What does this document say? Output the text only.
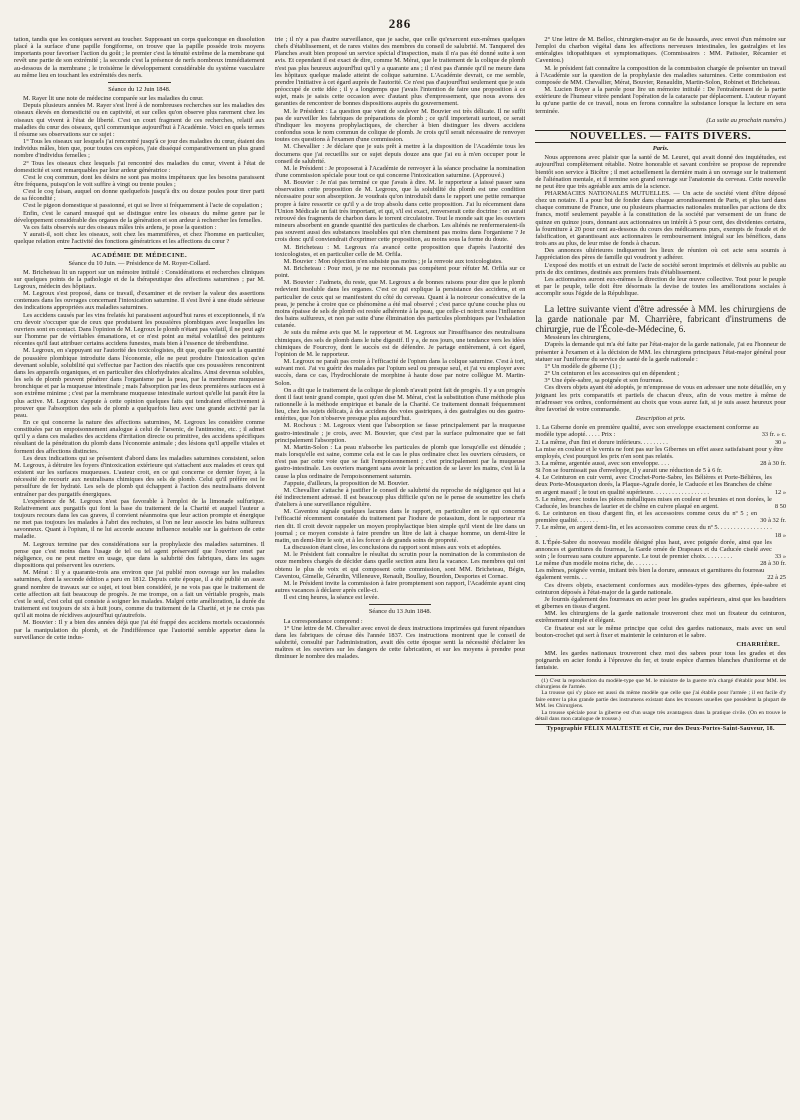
286

tation, tandis que les coniques servent au toucher. Supposant un corps quelconque en dissolution placé à la surface d'une papille fongiforme, on trouve que la papille possède trois moyens importants pour favoriser l'action du goût ; le premier c'est la ténuité extrême de la membrane qui revêt une partie de son extrémité ; la seconde c'est la présence de nerfs nombreux immédiatement au-dessous de la membrane ; le troisième le développement considérable du système vasculaire au même lieu en touchant les extrémités des nerfs.

Séance du 12 Juin 1848.

M. Rayer lit une note de médecine comparée sur les maladies du cœur.

Depuis plusieurs années M. Rayer s'est livré à de nombreuses recherches sur les maladies des oiseaux élevés en domesticité ou en captivité, et sur celles qu'on observe plus rarement chez les oiseaux qui vivent à l'état de liberté. C'est un court fragment de ces recherches, relatif aux maladies du cœur des oiseaux, qu'il communique aujourd'hui à l'Académie. Voici en quels termes il résume ses observations sur ce sujet :

1° Tous les oiseaux sur lesquels j'ai rencontré jusqu'à ce jour des maladies du cœur, étaient des individus mâles, bien que, pour toutes ces espèces, j'aie disséqué comparativement un plus grand nombre d'individus femelles ;

2° Tous les oiseaux chez lesquels j'ai rencontré des maladies du cœur, vivent à l'état de domesticité et sont remarquables par leur ardeur génératrice :

C'est le coq commun, dont les désirs ne sont pas moins impétueux que les besoins paraissent être fréquens, puisqu'on le voit suffire à vingt ou trente poules ;

C'est le coq faisan, auquel on donne quelquefois jusqu'à dix ou douze poules pour tirer parti de sa fécondité ;

C'est le pigeon domestique si passionné, et qui se livre si fréquemment à l'acte de copulation ;

Enfin, c'est le canard musqué qui se distingue entre les oiseaux du même genre par le développement considérable des organes de la génération et son ardeur à rechercher les femelles.

Va ces faits observés sur des oiseaux mâles très ardens, je pose la question :

Y aurait-il, soit chez les oiseaux, soit chez les mammifères, et chez l'homme en particulier, quelque relation entre l'activité des fonctions génératrices et les affections du cœur ?

ACADÉMIE DE MÉDECINE.
Séance du 10 Juin. — Présidence de M. Royer-Collard.

M. Bricheteau lit un rapport sur un mémoire intitulé : Considérations et recherches cliniques sur quelques points de la pathologie et de la thérapeutique des affections saturnines ; par M. Legroux, médecin des hôpitaux.

M. Legroux s'est proposé, dans ce travail, d'examiner et de reviser la valeur des assertions contenues dans les ouvrages concernant l'intoxication saturnine. Il s'est livré à une étude sérieuse des indications appropriées aux maladies saturnines.

Les accidens causés par les vins frelatés lui paraissent aujourd'hui rares et exceptionnels, il n'a cru devoir s'occuper que de ceux que produisent les poussières plombiques avec lesquelles les ouvriers sont en contact. Dans l'opinion de M. Legroux le plomb n'étant pas volatil, il ne peut agir sur l'homme par de véritables émanations, et ce n'est point au métal volatilisé des peintures récentes qu'il faut attribuer certains accidens funestes, mais bien à l'essence de térébenthine.

M. Legroux, en s'appuyant sur l'autorité des toxicologistes, dit que, quelle que soit la quantité de poussière plombique introduite dans l'économie, elle ne peut produire l'intoxication qu'en devenant soluble, solubilité qui s'effectue par l'action des réactifs que ces poussières rencontrent dans les appareils organiques, et en particulier des chlorhydrates alcalins. Ainsi devenus solubles, les sels de plomb peuvent pénétrer dans l'organisme par la peau, par la membrane muqueuse bronchique et par la muqueuse intestinale ; mais l'absorption par les deux premières surfaces est à son extrême minime ; c'est par la membrane muqueuse intestinale surtout qu'elle lui paraît être la plus active. M. Legroux s'appuie à cette opinion quelques faits qui tendraient effectivement à prouver que l'absorption des sels de plomb a quelquefois lieu avec une grande activité par la peau.

En ce qui concerne la nature des affections saturnines, M. Legroux les considère comme constituées par un empoisonnement analogue à celui de l'arsenic, de l'antimoine, etc. ; il admet qu'il y a dans ces maladies des accidens d'irritation directe ou primitive, des accidens spécifiques résultant de la pénétration du plomb dans l'économie animale ; des lésions qu'il appelle vitales et forment des affections distinctes.

Les deux indications qui se présentent d'abord dans les maladies saturnines consistent, selon M. Legroux, à détruire les foyers d'intoxication extérieure qui s'attachent aux malades et ceux qui existent sur les surfaces muqueuses. L'auteur croit, en ce qui concerne ce dernier foyer, à la nécessité de recourir aux neutralisans chimiques des sels de plomb. Celui qu'il préfère est le persulfure de fer hydraté. Les sels de plomb qui échappent à l'action des neutralisans doivent entraîner par des purgatifs énergiques.

L'expérience de M. Legroux n'est pas favorable à l'emploi de la limonade sulfurique. Relativement aux purgatifs qui font la base du traitement de la Charité et auquel l'auteur a toujours recours dans les cas graves, il convient néanmoins que leur action prompte et énergique ne met pas toujours les malades à l'abri des rechutes, si l'on ne leur associe les bains sulfureux savonneux. Quant à l'opium, il ne lui accorde aucune influence notable sur la guérison de cette maladie.

M. Legroux termine par des considérations sur la prophylaxie des maladies saturnines. Il pense que c'est moins dans l'usage de tel ou tel agent préservatif que l'ouvrier omet par négligence, ou ne peut mettre en usage, que dans la salubrité des fabriques, dans les sages dispositions qui préservent les ouvriers.

M. Mérat : Il y a quarante-trois ans environ que j'ai publié mon ouvrage sur les maladies saturnines, dont la seconde édition a paru en 1812. Depuis cette époque, il a été publié un assez grand nombre de travaux sur ce sujet, et tout bien considéré, je ne vois pas que le traitement de cette affection ait fait beaucoup de progrès. Je me trompe, on a fait un véritable progrès, mais c'est le seul, c'est celui qui consiste à soigner les malades. Malgré cette amélioration, la durée du traitement est toujours de six à huit jours, comme du traitement de la Charité, et je ne crois pas qu'il ait moins de récidives aujourd'hui qu'autrefois.

M. Bouvier : Il y a bien des années déjà que j'ai été frappé des accidens mortels occasionnés par la manipulation du plomb, et de l'indifférence que l'autorité semble apporter dans la surveillance de cette indus-

trie ; il n'y a pas d'autre surveillance, que je sache, que celle qu'exercent eux-mêmes quelques chefs d'établissement, et de rares visites des membres du conseil de salubrité. M. Tanquerel des Planches avait bien proposé un service spécial d'inspection, mais il n'a pas été donné suite à son avis. Et cependant il est exact de dire, comme M. Mérat, que le traitement de la colique de plomb n'est pas plus heureux aujourd'hui qu'il y a quarante ans ; il n'est pas d'année qu'il ne meure dans les hôpitaux quelque malade atteint de colique saturnine. L'Académie devrait, ce me semble, prendre l'initiative à cet égard auprès de l'autorité. Ce n'est pas d'aujourd'hui seulement que je suis préoccupé de cette idée ; il y a longtemps que j'avais l'intention de faire une proposition à ce sujet, mais je saisis cette occasion avec d'autant plus d'empressement, que nous avons des garanties de rencontrer de bonnes dispositions auprès du gouvernement.

M. le Président : La question que vient de soulever M. Bouvier est très délicate. Il ne suffit pas de surveiller les fabriques de préparations de plomb ; ce qu'il importerait surtout, ce serait d'indiquer les moyens prophylactiques, de chercher à bien distinguer les divers accidens confondus sous le nom commun de colique de plomb. Je crois qu'il serait nécessaire de renvoyer toutes ces questions à l'examen d'une commission.

M. Chevallier : Je déclare que je suis prêt à mettre à la disposition de l'Académie tous les documens que j'ai recueillis sur ce sujet depuis douze ans que j'ai eu à m'en occuper pour le conseil de salubrité.

M. le Président : Je proposerai à l'Académie de renvoyer à la séance prochaine la nomination d'une commission spéciale pour tout ce qui concerne l'intoxication saturnine. (Approuvé.)

M. Bouvier : Je n'ai pas terminé ce que j'avais à dire. M. le rapporteur a laissé passer sans observation cette proposition de M. Legroux, que la solubilité du plomb est une condition nécessaire pour son absorption. Je voudrais qu'on introduisît dans le rapport une petite remarque propre à faire ressortir ce qu'il y a de trop absolu dans cette proposition. J'ai lu récemment dans l'Union Médicale un fait très important, et qui, s'il est exact, renverserait cette doctrine : on aurait retrouvé des fragments de charbon dans le torrent circulatoire. Tout le monde sait que les ouvriers mineurs absorbent en grande quantité des particules de charbon. Les aliénés ne renfermeraient-ils pas souvent aussi des substances insolubles qui n'en cheminent pas moins dans l'organisme ? Je crois donc qu'il conviendrait d'exprimer cette proposition, au moins sous la forme du doute.

M. Bricheteau : M. Legroux n'a avancé cette proposition que d'après l'autorité des toxicologistes, et en particulier celle de M. Orfila.

M. Bouvier : Mon objection n'en subsiste pas moins ; je la renvoie aux toxicologistes.

M. Bricheteau : Pour moi, je ne me reconnais pas compétent pour réfuter M. Orfila sur ce point.

M. Bouvier : J'admets, du reste, que M. Legroux a de bonnes raisons pour dire que le plomb redevient insoluble dans les organes. C'est ce qui explique la persistance des accidens, et en particulier de ceux qui se manifestent du côté du cerveau. Quant à la noirceur consécutive de la peau, je penche à croire que ce phénomène a été mal observé ; c'est parce qu'une couche plus ou moins épaisse de sels de plomb est restée adhérente à la peau, que celle-ci noircit sous l'influence des bains sulfureux, et non par suite d'une élimination des particules plombiques par l'exhalation cutanée.

Je suis du même avis que M. le rapporteur et M. Legroux sur l'insuffisance des neutralisans chimiques, des sels de plomb dans le tube digestif. Il y a, de nos jours, une tendance vers les idées chimiques de Fourcroy, dont le succès est de défendre. Je partage entièrement, à cet égard, l'opinion de M. le rapporteur.

M. Legroux ne paraît pas croire à l'efficacité de l'opium dans la colique saturnine. C'est à tort, suivant moi. J'ai vu guérir des malades par l'opium seul ou presque seul, et j'ai vu employer avec succès, dans ce cas, l'hydrochlorate de morphine à haute dose par notre collègue M. Martin-Solon.

On a dit que le traitement de la colique de plomb n'avait point fait de progrès. Il y a un progrès dont il faut tenir grand compte, quoi qu'en dise M. Mérat, c'est la substitution d'une méthode plus rationnelle à la méthode empirique et banale de la Charité. Ce traitement donnait fréquemment lieu, chez les sujets délicats, à des accidens des voies gastriques, à des gastralgies ou des gastro-entérites, que l'on n'observe presque plus aujourd'hui.

M. Rochoux : M. Legroux vient que l'absorption se fasse principalement par la muqueuse gastro-intestinale ; je crois, avec M. Bouvier, que c'est par la surface pulmonaire que se fait principalement l'absorption.

M. Martin-Solon : La peau n'absorbe les particules de plomb que lorsqu'elle est dénudée ; mais lorsqu'elle est saine, comme cela est le cas le plus ordinaire chez les ouvriers cérusiers, ce n'est pas par cette voie que se fait l'empoisonnement ; c'est principalement par la muqueuse gastro-intestinale. Les ouvriers mangent sans avoir la précaution de se laver les mains, c'est là la cause la plus ordinaire de l'empoisonnement saturnin.

J'appuie, d'ailleurs, la proposition de M. Bouvier.

M. Chevallier s'attache à justifier le conseil de salubrité du reproche de négligence qui lui a été indirectement adressé. Il est beaucoup plus difficile qu'on ne le pense de soumettre les chefs d'ateliers à une surveillance régulière.

M. Caventou signale quelques lacunes dans le rapport, en particulier en ce qui concerne l'efficacité récemment constatée du traitement par l'iodure de potassium, dont le rapporteur n'a rien dit. Il croit devoir rappeler un moyen prophylactique bien simple qu'il vient de lire dans un journal ; ce moyen consiste à faire prendre un litre de lait à chaque homme, un demi-litre le matin, un demi-litre le soir, et à les forcer à de grands soins de propreté.

La discussion étant close, les conclusions du rapport sont mises aux voix et adoptées.

M. le Président fait connaître le résultat du scrutin pour la nomination de la commission de onze membres chargés de décider dans quelle section aura lieu la vacance. Les membres qui ont obtenu le plus de voix et qui composent cette commission, sont MM. Bricheteau, Bégin, Caventou, Gimelle, Gérardin, Villeneuve, Renault, Boullay, Bourdon, Desportes et Cornac.

M. le Président invite la commission à faire promptement son rapport, l'Académie ayant cinq autres vacances à déclarer après celle-ci.

Il est cinq heures, la séance est levée.

Séance du 13 Juin 1848.

La correspondance comprend :

1° Une lettre de M. Chevalier avec envoi de deux instructions imprimées qui furent répandues dans les fabriques de céruse dès l'année 1837. Ces instructions montrent que le conseil de salubrité, consulté par l'administration, avait dès cette époque senti la nécessité d'éclairer les maîtres et les ouvriers sur les dangers de cette fabrication, et sur les moyens à prendre pour diminuer le nombre des malades.

2° Une lettre de M. Belloc, chirurgien-major au 6e de hussards, avec envoi d'un mémoire sur l'emploi du charbon végétal dans les affections nerveuses intestinales, les gastralgies et les entéralgies idiopathiques et symptomatiques. (Commissaires : MM. Patissier, Récamier et Caventou.)

M. le président fait connaître la composition de la commission chargée de présenter un travail à l'Académie sur la question de la prophylaxie des maladies saturnines. Cette commission est composée de MM. Chevallier, Mérat, Bouvier, Renauldin, Martin-Solon, Robinet et Bricheteau.

M. Lucien Boyer a la parole pour lire un mémoire intitulé : De l'entraînement de la partie extérieure de l'humeur vitrée pendant l'opération de la cataracte par déplacement. L'auteur n'ayant lu qu'une partie de ce travail, nous en ferons connaître la substance lorsque la lecture en sera terminée.

(La suite au prochain numéro.)
NOUVELLES. — FAITS DIVERS.
Paris.

Nous apprenons avec plaisir que la santé de M. Leuret, qui avait donné des inquiétudes, est aujourd'hui complètement rétablie. Notre honorable et savant confrère se propose de reprendre bientôt son service à Bicêtre ; il met actuellement la dernière main à un ouvrage sur le traitement de l'aliénation mentale, et il termine son grand ouvrage sur l'anatomie du cerveau. Cette nouvelle ne peut être que très agréable aux amis de la science.

PHARMACIES NATIONALES MUTUELLES. — Un acte de société vient d'être déposé chez un notaire. Il a pour but de fonder dans chaque arrondissement de Paris, et plus tard dans chaque commune de France, une ou plusieurs pharmacies nationales mutuelles par actions de dix francs, motif seulement payable à la constitution de la société par versement de un franc de quinze en quinze jours, donnant aux actionnaires un intérêt à 5 pour cent, des dividentes certains, la fourniture à 20 pour cent au-dessous du cours des médicamens purs, exempts de fraude et de falsification, et garantissant aux actionnaires le remboursement intégral sur les bénéfices, dans trois ans au plus, de leur mise de fonds à chacun.

Des annonces ultérieures indiqueront les lieux de réunion où cet acte sera soumis à l'appréciation des pères de famille qui voudront y adhérer.

L'exposé des motifs et un extrait de l'acte de société seront imprimés et délivrés au public au prix de dix centimes, destinés aux premiers frais d'établissement.

Les actionnaires auront eux-mêmes la direction de leur œuvre collective. Tout pour le peuple et par le peuple, telle doit être désormais la devise de toutes les améliorations sociales à accomplir sous l'égide de la République.

La lettre suivante vient d'être adressée à MM. les chirurgiens de la garde nationale par M. Charrière, fabricant d'instrumens de chirurgie, rue de l'École-de-Médecine, 6.

Messieurs les chirurgiens,

D'après la demande qui m'a été faite par l'état-major de la garde nationale, j'ai eu l'honneur de présenter à l'examen et à la décision de MM. les chirurgiens principaux l'état-major général pour statuer sur l'uniforme du service de santé de la garde nationale :

1° Un modèle de giberne (1) ;

2° Un ceinturon et les accessoires qui en dépendent ;

3° Une épée-sabre, sa poignée et son fourreau.

Ces divers objets ayant été adoptés, je m'empresse de vous en adresser une note détaillée, en y joignant les prix comparatifs et partiels de chacun d'eux, afin de vous mettre à même de m'adresser vos ordres, conformément au choix que vous aurez fait, si je suis assez heureux pour être favorisé de votre commande.

Description et prix.
1. La Giberne dorée en première qualité, avec son enveloppe exactement conforme au modèle type adopté. . . . . Prix :	33 fr. » c.
2. La même, d'un fini et dorure inférieurs. . . . . . . . .	30 »
La mise en couleur et le vernis ne font pas sur les Gibernes un effet assez satisfaisant pour y être employés, c'est pourquoi les prix n'en sont pas relatés.
3. La même, argentée aussi, avec son enveloppe. . . .	28 à 30 fr.
Si l'on se fournissait pas d'enveloppe, il y aurait une réduction de 5 à 6 fr.
4. Le Ceinturon en cuir verni, avec Crochet-Porte-Sabre, les Bélières et Porte-Bélières, les deux Porte-Mousqueton dorés, la Plaque-Agrafe dorée, le Caducée et les Branches de chêne en argent massif ; le tout en qualité supérieure. . . . . . . . . . . . . . . . . .	12 »
5. Le même, avec toutes les pièces métalliques mises en couleur et brunies et non dorées, le Caducée, les branches de laurier et de chêne en cuivre plaqué en argent.	8 50
6. Le ceinturon en tissu d'argent fin, et les accessoires comme ceux du nº 5 ; en première qualité. . . . . . .	30 à 32 fr.
7. Le même, en argent demi-fin, et les accessoires comme ceux du nº 5. . . . . . . . . . . . . . . . . .	18 »
8. L'Épée-Sabre du nouveau modèle désigné plus haut, avec poignée dorée, ainsi que les annonces et garnitures du fourreau, la Garde ornée de Drapeaux et du Caducée ciselé avec soin ; le fourreau sans couture apparente. Le tout de premier choix. . . . . . . . .	33 »
Le même d'un modèle moins riche, de. . . . . . . .	28 à 30 fr.
Les mêmes, poignée vernie, imitant très bien la dorure, anneaux et garnitures du fourreau également vernis. . .	22 à 25

Ces divers objets, exactement conformes aux modèles-types des gibernes, épée-sabre et ceinturon déposés à l'état-major de la garde nationale.

Je fournis également des fourreaux en acier pour les grades supérieurs, ainsi que les baudriers et gibernes en tissus d'argent.

MM. les chirurgiens de la garde nationale trouveront chez moi un fixateur du ceinturon, extrêmement simple et élégant.

Ce fixateur est sur le même principe que celui des gardes nationaux, mais avec un seul bouton-crochet qui sert à fixer et maintenir le ceinturon et le sabre.

CHARRIÈRE.

MM. les gardes nationaux trouveront chez moi des sabres pour tous les grades et des poignards en acier fondu à l'épreuve du fer, et toute espèce d'armes blanches d'uniforme et de fantaisie.

(1) C'est la reproduction du modèle-type que M. le ministre de la guerre m'a chargé d'établir pour MM. les chirurgiens de l'armée.

La trousse qui s'y place est aussi du même modèle que celle que j'ai établie pour l'armée ; il est facile d'y faire entrer la plus grande partie des instrumens existant dans les trousses usuelles que possèdent la plupart de MM. les Chirurgiens.

La trousse spéciale pour la giberne est d'un usage très avantageux dans la pratique civile. (On en trouve le détail dans mon catalogue de trousse.)

Typographie FÉLIX MALTESTE et Cie, rue des Deux-Portes-Saint-Sauveur, 18.
